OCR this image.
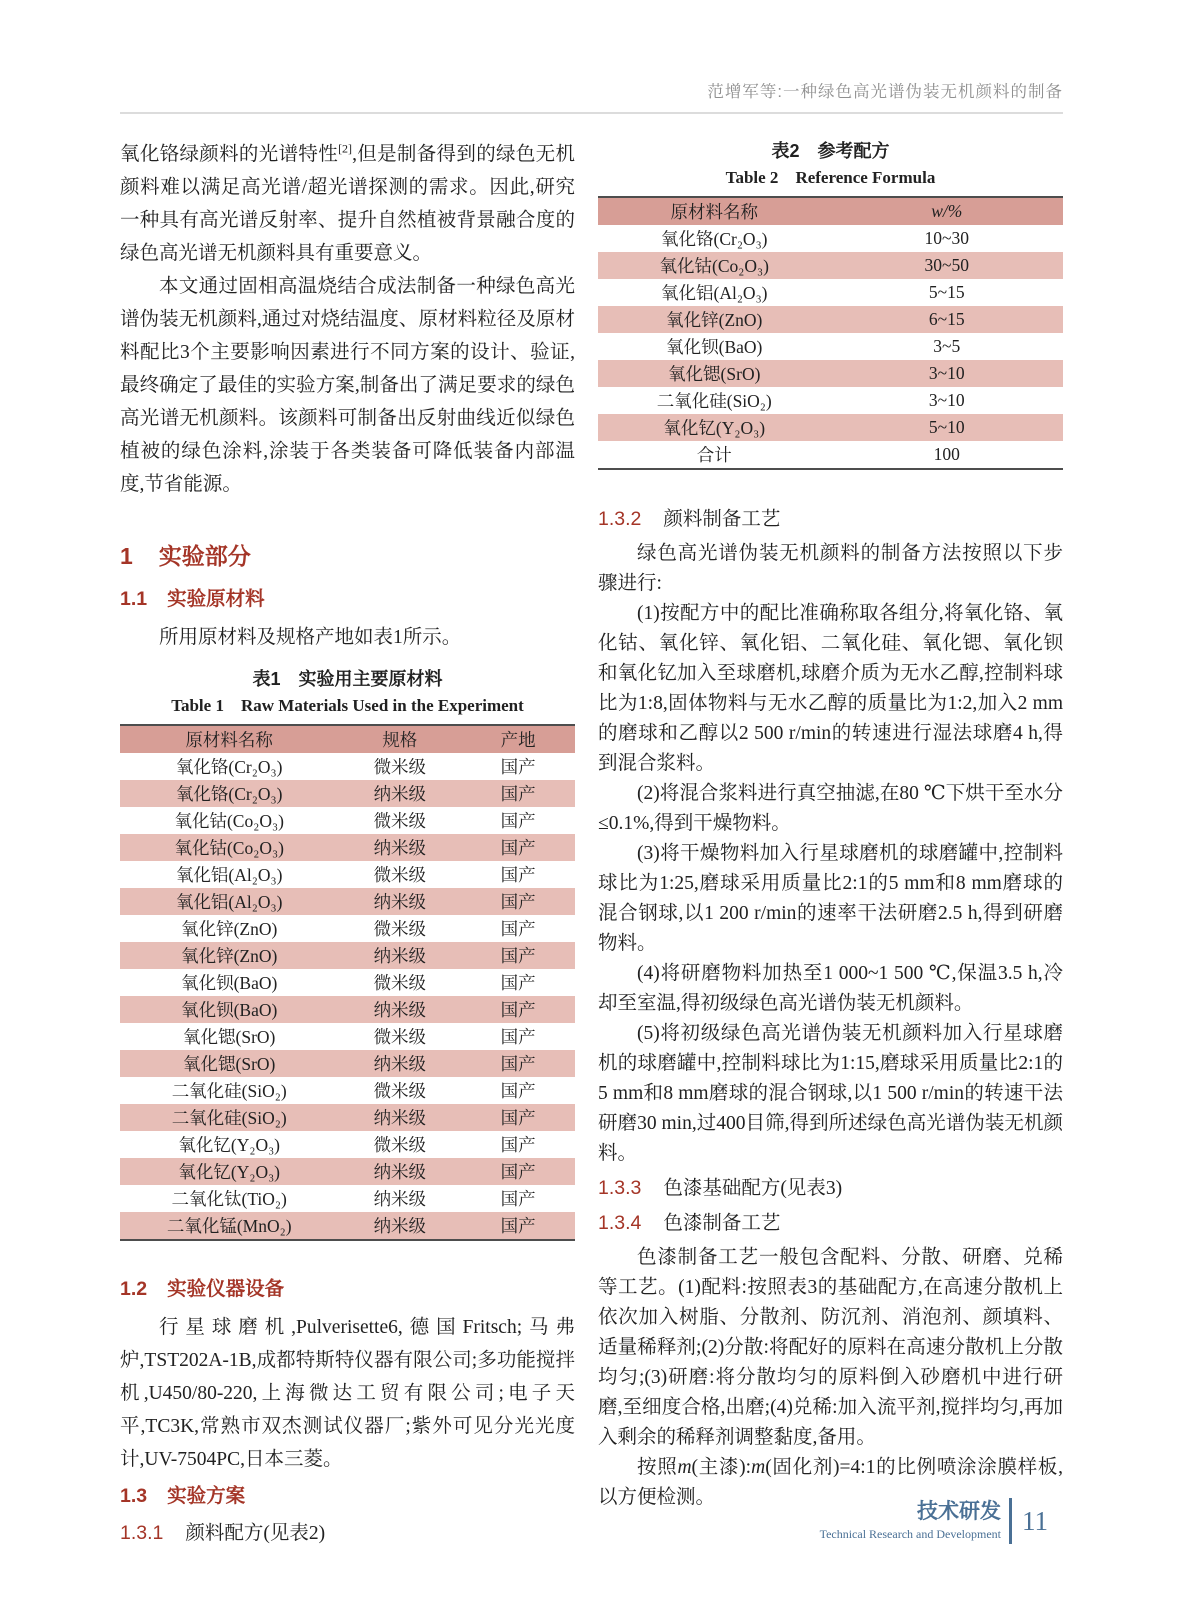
范增军等:一种绿色高光谱伪装无机颜料的制备

氧化铬绿颜料的光谱特性[2],但是制备得到的绿色无机颜料难以满足高光谱/超光谱探测的需求。因此,研究一种具有高光谱反射率、提升自然植被背景融合度的绿色高光谱无机颜料具有重要意义。

本文通过固相高温烧结合成法制备一种绿色高光谱伪装无机颜料,通过对烧结温度、原材料粒径及原材料配比3个主要影响因素进行不同方案的设计、验证,最终确定了最佳的实验方案,制备出了满足要求的绿色高光谱无机颜料。该颜料可制备出反射曲线近似绿色植被的绿色涂料,涂装于各类装备可降低装备内部温度,节省能源。

1 实验部分
1.1 实验原材料

所用原材料及规格产地如表1所示。

表1 实验用主要原材料
Table 1 Raw Materials Used in the Experiment
原材料名称	规格	产地
氧化铬(Cr₂O₃)	微米级	国产
氧化铬(Cr₂O₃)	纳米级	国产
氧化钴(Co₂O₃)	微米级	国产
氧化钴(Co₂O₃)	纳米级	国产
氧化铝(Al₂O₃)	微米级	国产
氧化铝(Al₂O₃)	纳米级	国产
氧化锌(ZnO)	微米级	国产
氧化锌(ZnO)	纳米级	国产
氧化钡(BaO)	微米级	国产
氧化钡(BaO)	纳米级	国产
氧化锶(SrO)	微米级	国产
氧化锶(SrO)	纳米级	国产
二氧化硅(SiO₂)	微米级	国产
二氧化硅(SiO₂)	纳米级	国产
氧化钇(Y₂O₃)	微米级	国产
氧化钇(Y₂O₃)	纳米级	国产
二氧化钛(TiO₂)	纳米级	国产
二氧化锰(MnO₂)	纳米级	国产
1.2 实验仪器设备

行星球磨机,Pulverisette6,德国Fritsch;马弗炉,TST202A-1B,成都特斯特仪器有限公司;多功能搅拌机,U450/80-220,上海微达工贸有限公司;电子天平,TC3K,常熟市双杰测试仪器厂;紫外可见分光光度计,UV-7504PC,日本三菱。

1.3 实验方案
1.3.1 颜料配方(见表2)
表2 参考配方
Table 2 Reference Formula
原材料名称	w/%
氧化铬(Cr₂O₃)	10~30
氧化钴(Co₂O₃)	30~50
氧化铝(Al₂O₃)	5~15
氧化锌(ZnO)	6~15
氧化钡(BaO)	3~5
氧化锶(SrO)	3~10
二氧化硅(SiO₂)	3~10
氧化钇(Y₂O₃)	5~10
合计	100
1.3.2 颜料制备工艺

绿色高光谱伪装无机颜料的制备方法按照以下步骤进行:

(1)按配方中的配比准确称取各组分,将氧化铬、氧化钴、氧化锌、氧化铝、二氧化硅、氧化锶、氧化钡和氧化钇加入至球磨机,球磨介质为无水乙醇,控制料球比为1:8,固体物料与无水乙醇的质量比为1:2,加入2 mm的磨球和乙醇以2 500 r/min的转速进行湿法球磨4 h,得到混合浆料。

(2)将混合浆料进行真空抽滤,在80 ℃下烘干至水分≤0.1%,得到干燥物料。

(3)将干燥物料加入行星球磨机的球磨罐中,控制料球比为1:25,磨球采用质量比2:1的5 mm和8 mm磨球的混合钢球,以1 200 r/min的速率干法研磨2.5 h,得到研磨物料。

(4)将研磨物料加热至1 000~1 500 ℃,保温3.5 h,冷却至室温,得初级绿色高光谱伪装无机颜料。

(5)将初级绿色高光谱伪装无机颜料加入行星球磨机的球磨罐中,控制料球比为1:15,磨球采用质量比2:1的5 mm和8 mm磨球的混合钢球,以1 500 r/min的转速干法研磨30 min,过400目筛,得到所述绿色高光谱伪装无机颜料。

1.3.3 色漆基础配方(见表3)
1.3.4 色漆制备工艺

色漆制备工艺一般包含配料、分散、研磨、兑稀等工艺。(1)配料:按照表3的基础配方,在高速分散机上依次加入树脂、分散剂、防沉剂、消泡剂、颜填料、适量稀释剂;(2)分散:将配好的原料在高速分散机上分散均匀;(3)研磨:将分散均匀的原料倒入砂磨机中进行研磨,至细度合格,出磨;(4)兑稀:加入流平剂,搅拌均匀,再加入剩余的稀释剂调整黏度,备用。

按照m(主漆):m(固化剂)=4:1的比例喷涂涂膜样板,以方便检测。

技术研发
Technical Research and Development 11
